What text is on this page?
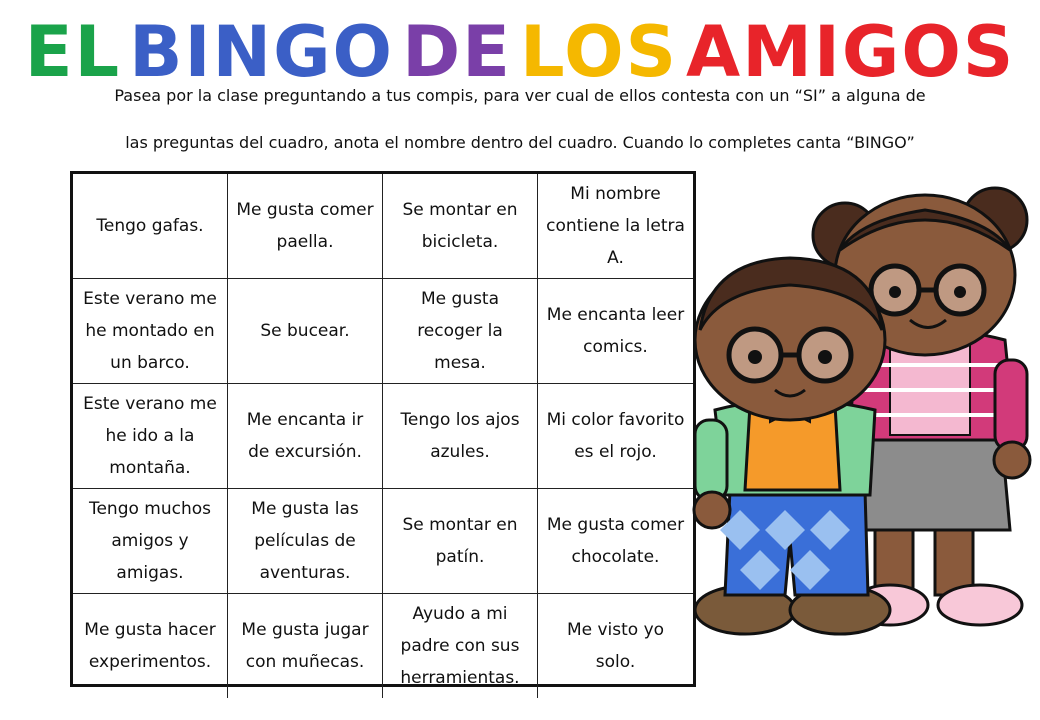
EL BINGO DE LOS AMIGOS
Pasea por la clase preguntando a tus compis, para ver cual de ellos contesta con un “SI” a alguna de
las preguntas del cuadro, anota el nombre dentro del cuadro. Cuando lo completes canta “BINGO”
Tengo gafas.
Me gusta comer paella.
Se montar en bicicleta.
Mi nombre contiene la letra A.
Este verano me he montado en un barco.
Se bucear.
Me gusta recoger la mesa.
Me encanta leer comics.
Este verano me he ido a la montaña.
Me encanta ir de excursión.
Tengo los ajos azules.
Mi color favorito es el rojo.
Tengo muchos amigos y amigas.
Me gusta las películas de aventuras.
Se montar en patín.
Me gusta comer chocolate.
Me gusta hacer experimentos.
Me gusta jugar con muñecas.
Ayudo a mi padre con sus herramientas.
Me visto yo solo.
